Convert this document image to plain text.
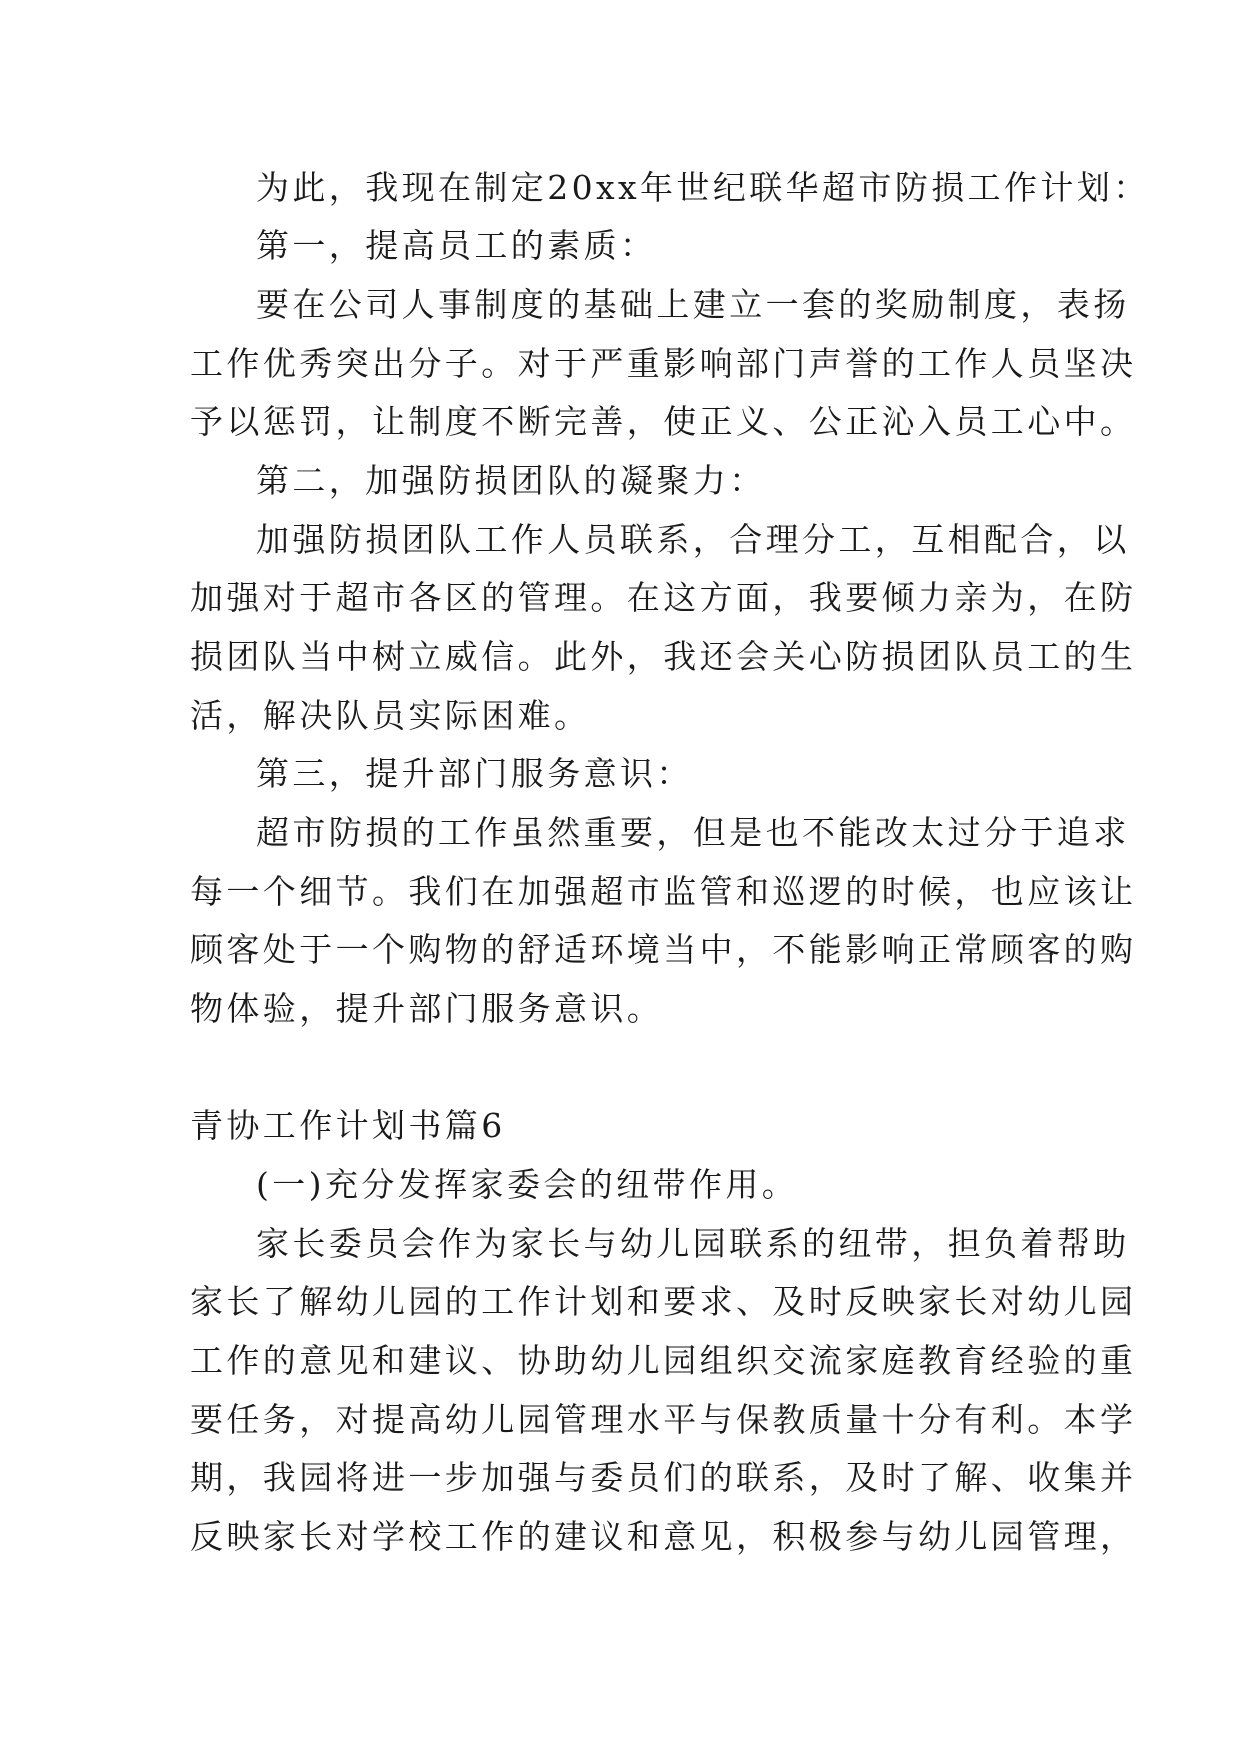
为此，我现在制定20xx年世纪联华超市防损工作计划：
第一，提高员工的素质：
要在公司人事制度的基础上建立一套的奖励制度，表扬
工作优秀突出分子。对于严重影响部门声誉的工作人员坚决
予以惩罚，让制度不断完善，使正义、公正沁入员工心中。
第二，加强防损团队的凝聚力：
加强防损团队工作人员联系，合理分工，互相配合，以
加强对于超市各区的管理。在这方面，我要倾力亲为，在防
损团队当中树立威信。此外，我还会关心防损团队员工的生
活，解决队员实际困难。
第三，提升部门服务意识：
超市防损的工作虽然重要，但是也不能改太过分于追求
每一个细节。我们在加强超市监管和巡逻的时候，也应该让
顾客处于一个购物的舒适环境当中，不能影响正常顾客的购
物体验，提升部门服务意识。
青协工作计划书篇6
(一)充分发挥家委会的纽带作用。
家长委员会作为家长与幼儿园联系的纽带，担负着帮助
家长了解幼儿园的工作计划和要求、及时反映家长对幼儿园
工作的意见和建议、协助幼儿园组织交流家庭教育经验的重
要任务，对提高幼儿园管理水平与保教质量十分有利。本学
期，我园将进一步加强与委员们的联系，及时了解、收集并
反映家长对学校工作的建议和意见，积极参与幼儿园管理，
